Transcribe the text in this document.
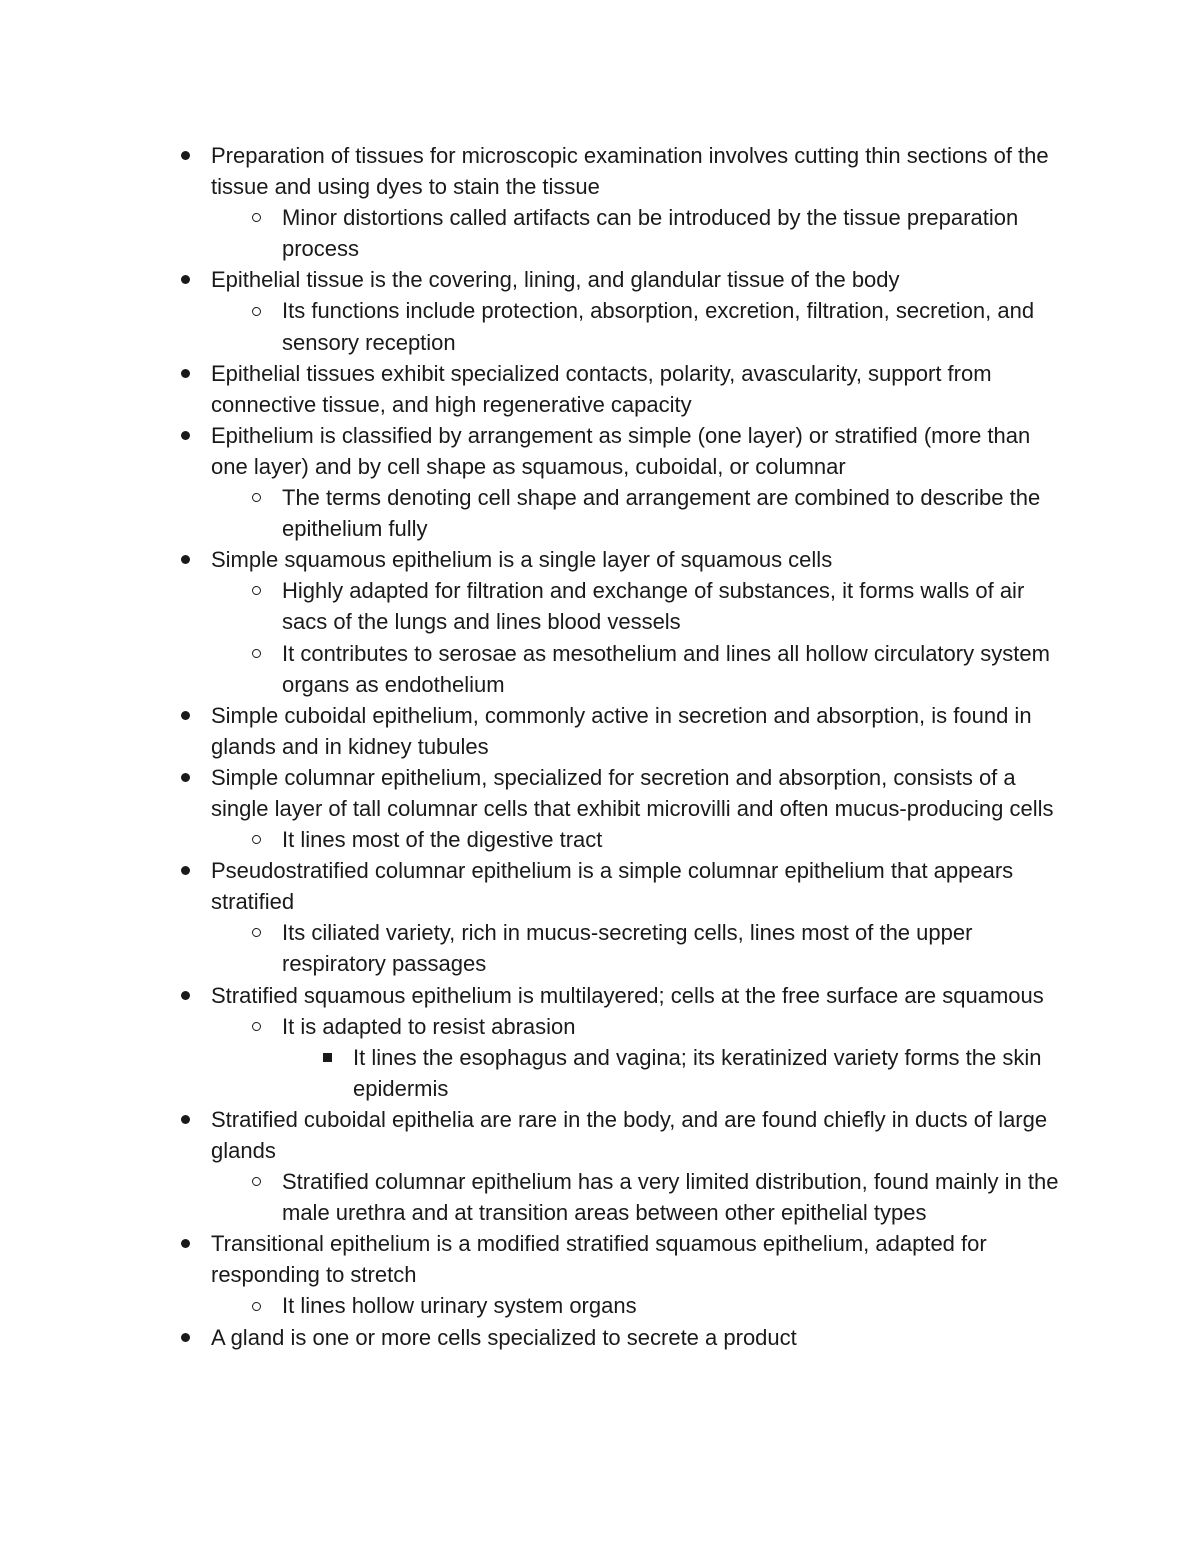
Preparation of tissues for microscopic examination involves cutting thin sections of the tissue and using dyes to stain the tissue
Minor distortions called artifacts can be introduced by the tissue preparation process
Epithelial tissue is the covering, lining, and glandular tissue of the body
Its functions include protection, absorption, excretion, filtration, secretion, and sensory reception
Epithelial tissues exhibit specialized contacts, polarity, avascularity, support from connective tissue, and high regenerative capacity
Epithelium is classified by arrangement as simple (one layer) or stratified (more than one layer) and by cell shape as squamous, cuboidal, or columnar
The terms denoting cell shape and arrangement are combined to describe the epithelium fully
Simple squamous epithelium is a single layer of squamous cells
Highly adapted for filtration and exchange of substances, it forms walls of air sacs of the lungs and lines blood vessels
It contributes to serosae as mesothelium and lines all hollow circulatory system organs as endothelium
Simple cuboidal epithelium, commonly active in secretion and absorption, is found in glands and in kidney tubules
Simple columnar epithelium, specialized for secretion and absorption, consists of a single layer of tall columnar cells that exhibit microvilli and often mucus-producing cells
It lines most of the digestive tract
Pseudostratified columnar epithelium is a simple columnar epithelium that appears stratified
Its ciliated variety, rich in mucus-secreting cells, lines most of the upper respiratory passages
Stratified squamous epithelium is multilayered; cells at the free surface are squamous
It is adapted to resist abrasion
It lines the esophagus and vagina; its keratinized variety forms the skin epidermis
Stratified cuboidal epithelia are rare in the body, and are found chiefly in ducts of large glands
Stratified columnar epithelium has a very limited distribution, found mainly in the male urethra and at transition areas between other epithelial types
Transitional epithelium is a modified stratified squamous epithelium, adapted for responding to stretch
It lines hollow urinary system organs
A gland is one or more cells specialized to secrete a product
